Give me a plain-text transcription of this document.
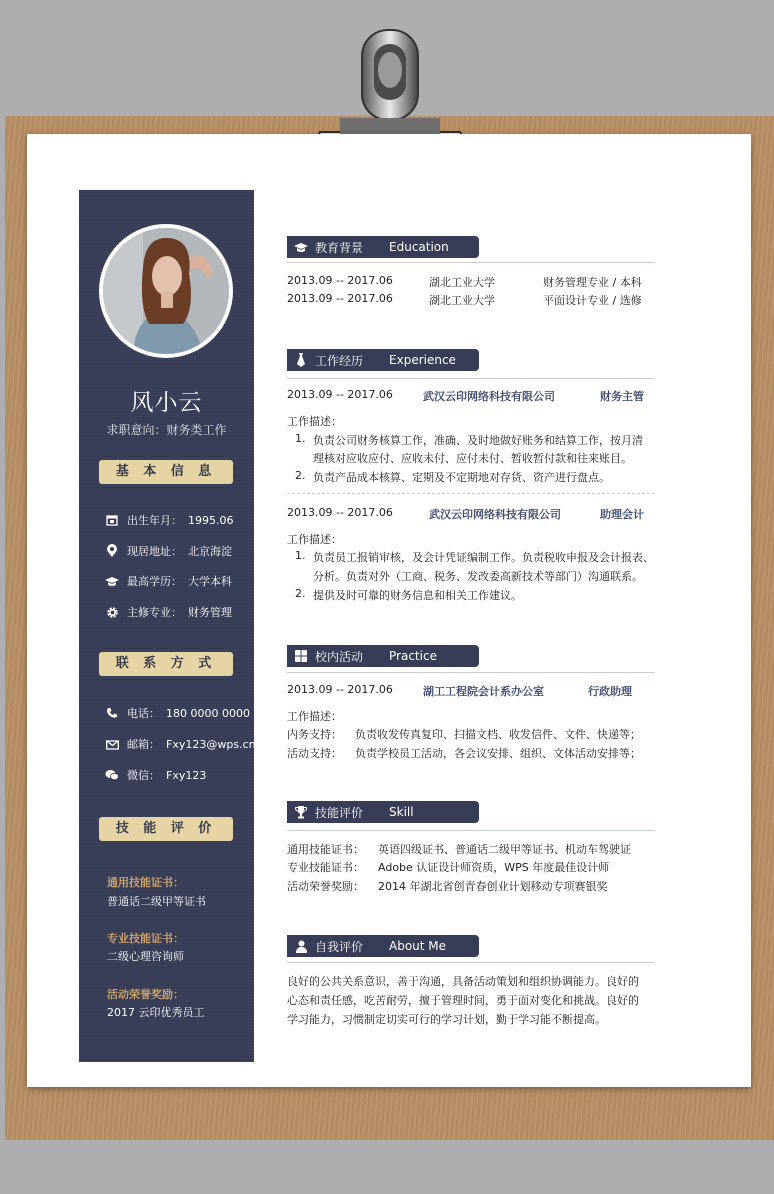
风小云
求职意向：财务类工作
基 本 信 息
出生年月： 1995.06
现居地址： 北京海淀
最高学历： 大学本科
主修专业： 财务管理
联 系 方 式
电话： 180 0000 0000
邮箱： Fxy123@wps.cn
微信： Fxy123
技 能 评 价
通用技能证书：
普通话二级甲等证书
专业技能证书：
二级心理咨询师
活动荣誉奖励：
2017 云印优秀员工
教育背景 Education
2013.09 -- 2017.06	湖北工业大学	财务管理专业 / 本科
2013.09 -- 2017.06	湖北工业大学	平面设计专业 / 选修
工作经历 Experience
2013.09 -- 2017.06	武汉云印网络科技有限公司	财务主管
工作描述：
1. 负责公司财务核算工作，准确、及时地做好账务和结算工作，按月清
理核对应收应付、应收未付、应付未付、暂收暂付款和往来账目。
2. 负责产品成本核算、定期及不定期地对存货、资产进行盘点。
2013.09 -- 2017.06	武汉云印网络科技有限公司	助理会计
工作描述：
1. 负责员工报销审核，及会计凭证编制工作。负责税收申报及会计报表、
分析。负责对外（工商、税务、发改委高新技术等部门）沟通联系。
2. 提供及时可靠的财务信息和相关工作建议。
校内活动 Practice
2013.09 -- 2017.06	湖工工程院会计系办公室	行政助理
工作描述：
内务支持： 负责收发传真复印、扫描文档、收发信件、文件、快递等；
活动支持： 负责学校员工活动，各会议安排、组织、文体活动安排等；
技能评价 Skill
通用技能证书： 英语四级证书、普通话二级甲等证书、机动车驾驶证
专业技能证书： Adobe 认证设计师资质，WPS 年度最佳设计师
活动荣誉奖励： 2014 年湖北省创青春创业计划移动专项赛银奖
自我评价 About Me
良好的公共关系意识，善于沟通，具备活动策划和组织协调能力。良好的
心态和责任感，吃苦耐劳，擅于管理时间，勇于面对变化和挑战。良好的
学习能力，习惯制定切实可行的学习计划，勤于学习能不断提高。
